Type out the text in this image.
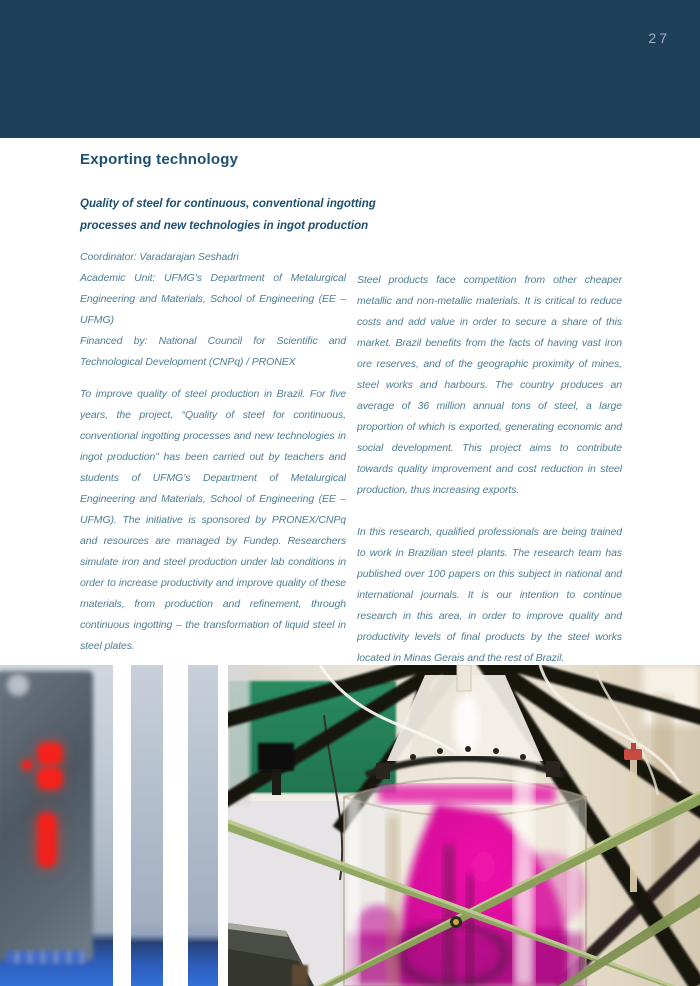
27
Exporting technology
Quality of steel for continuous, conventional ingotting
processes and new technologies in ingot production

Coordinator: Varadarajan Seshadri

Academic Unit: UFMG’s Department of Metalurgical Engineering and Materials, School of Engineering (EE – UFMG)

Financed by: National Council for Scientific and Technological Development (CNPq) / PRONEX

To improve quality of steel production in Brazil. For five years, the project, “Quality of steel for continuous, conventional ingotting processes and new technologies in ingot production” has been carried out by teachers and students of UFMG’s Department of Metalurgical Engineering and Materials, School of Engineering (EE – UFMG). The initiative is sponsored by PRONEX/CNPq and resources are managed by Fundep. Researchers simulate iron and steel production under lab conditions in order to increase productivity and improve quality of these materials, from production and refinement, through continuous ingotting – the transformation of liquid steel in steel plates.

Steel products face competition from other cheaper metallic and non-metallic materials. It is critical to reduce costs and add value in order to secure a share of this market. Brazil benefits from the facts of having vast iron ore reserves, and of the geographic proximity of mines, steel works and harbours. The country produces an average of 36 million annual tons of steel, a large proportion of which is exported, generating economic and social development. This project aims to contribute towards quality improvement and cost reduction in steel production, thus increasing exports.

In this research, qualified professionals are being trained to work in Brazilian steel plants. The research team has published over 100 papers on this subject in national and international journals. It is our intention to continue research in this area, in order to improve quality and productivity levels of final products by the steel works located in Minas Gerais and the rest of Brazil.
